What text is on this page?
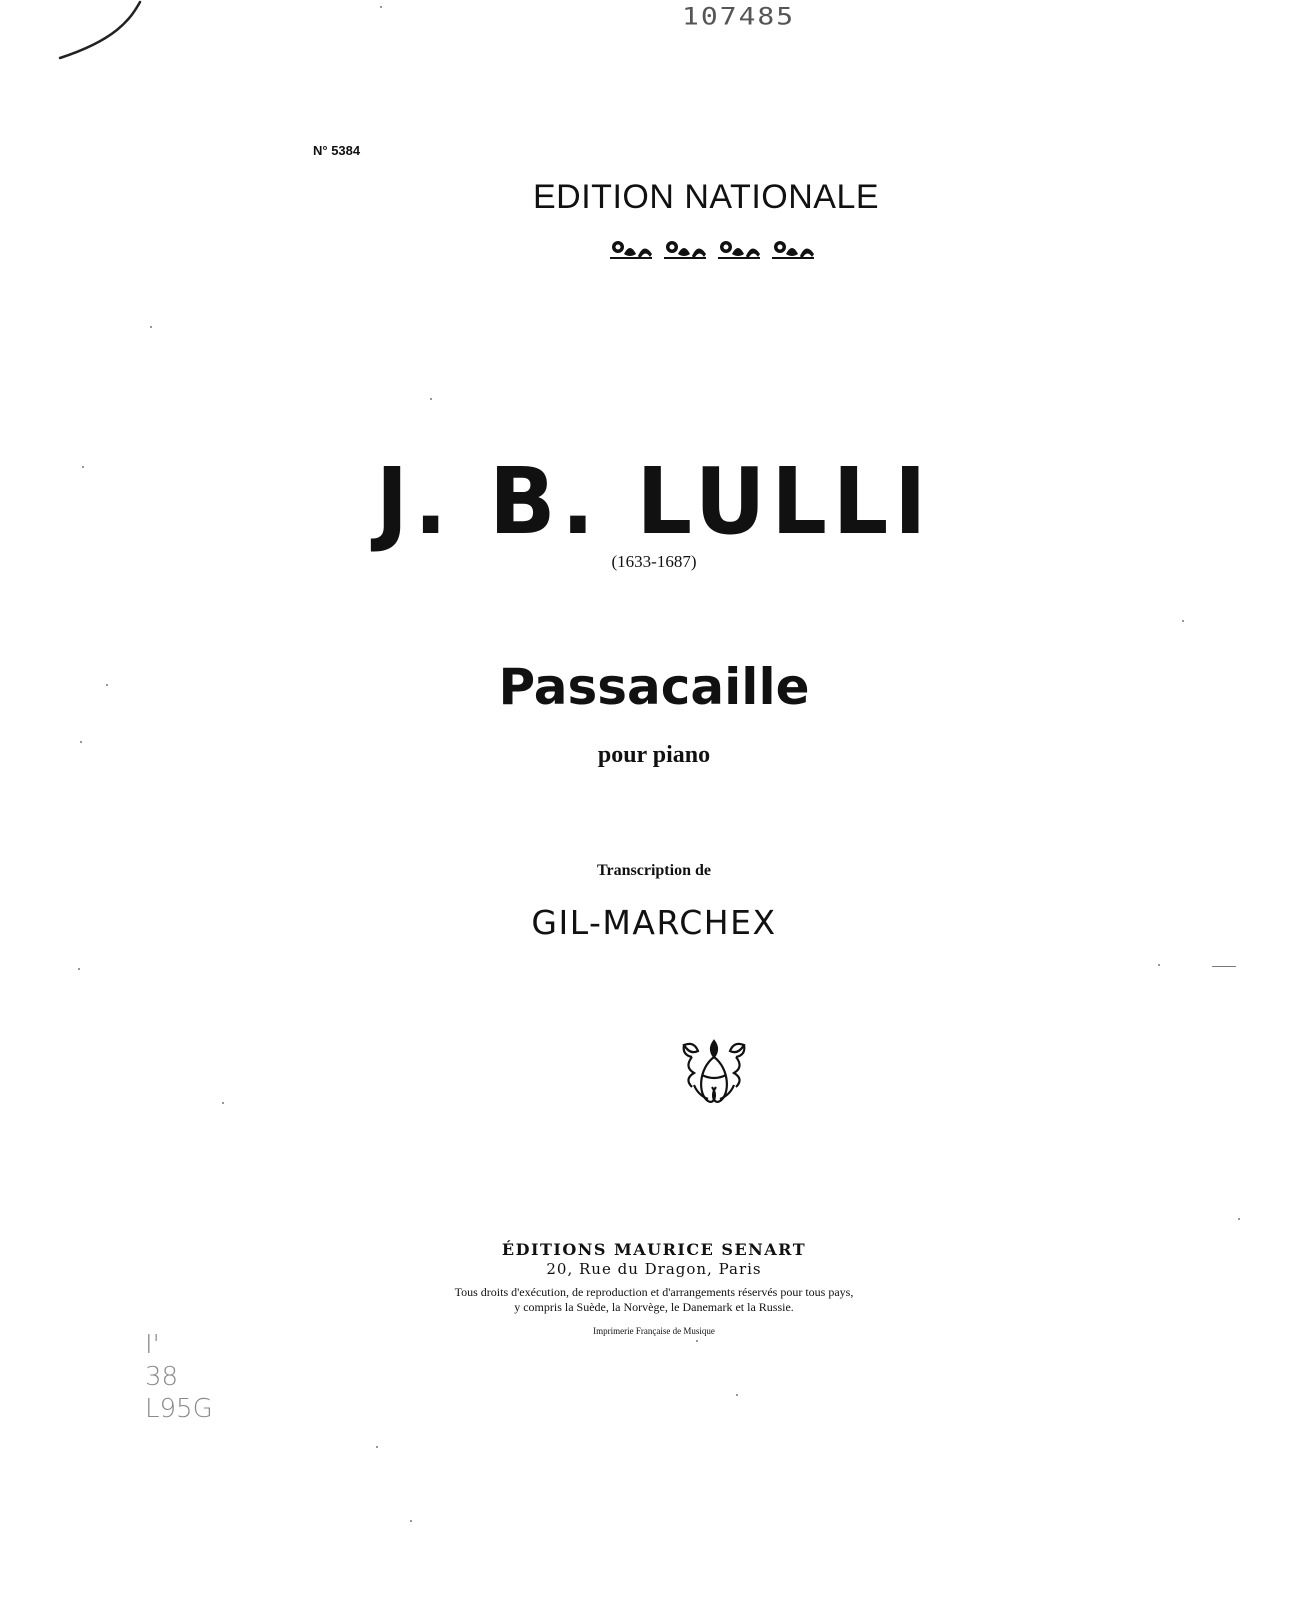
107485
N° 5384
EDITION NATIONALE
J. B. LULLI
(1633-1687)
Passacaille
pour piano
Transcription de
GIL-MARCHEX
ÉDITIONS MAURICE SENART
20, Rue du Dragon, Paris
Tous droits d'exécution, de reproduction et d'arrangements réservés pour tous pays,
y compris la Suède, la Norvège, le Danemark et la Russie.
Imprimerie Française de Musique
I'
38
L95G
